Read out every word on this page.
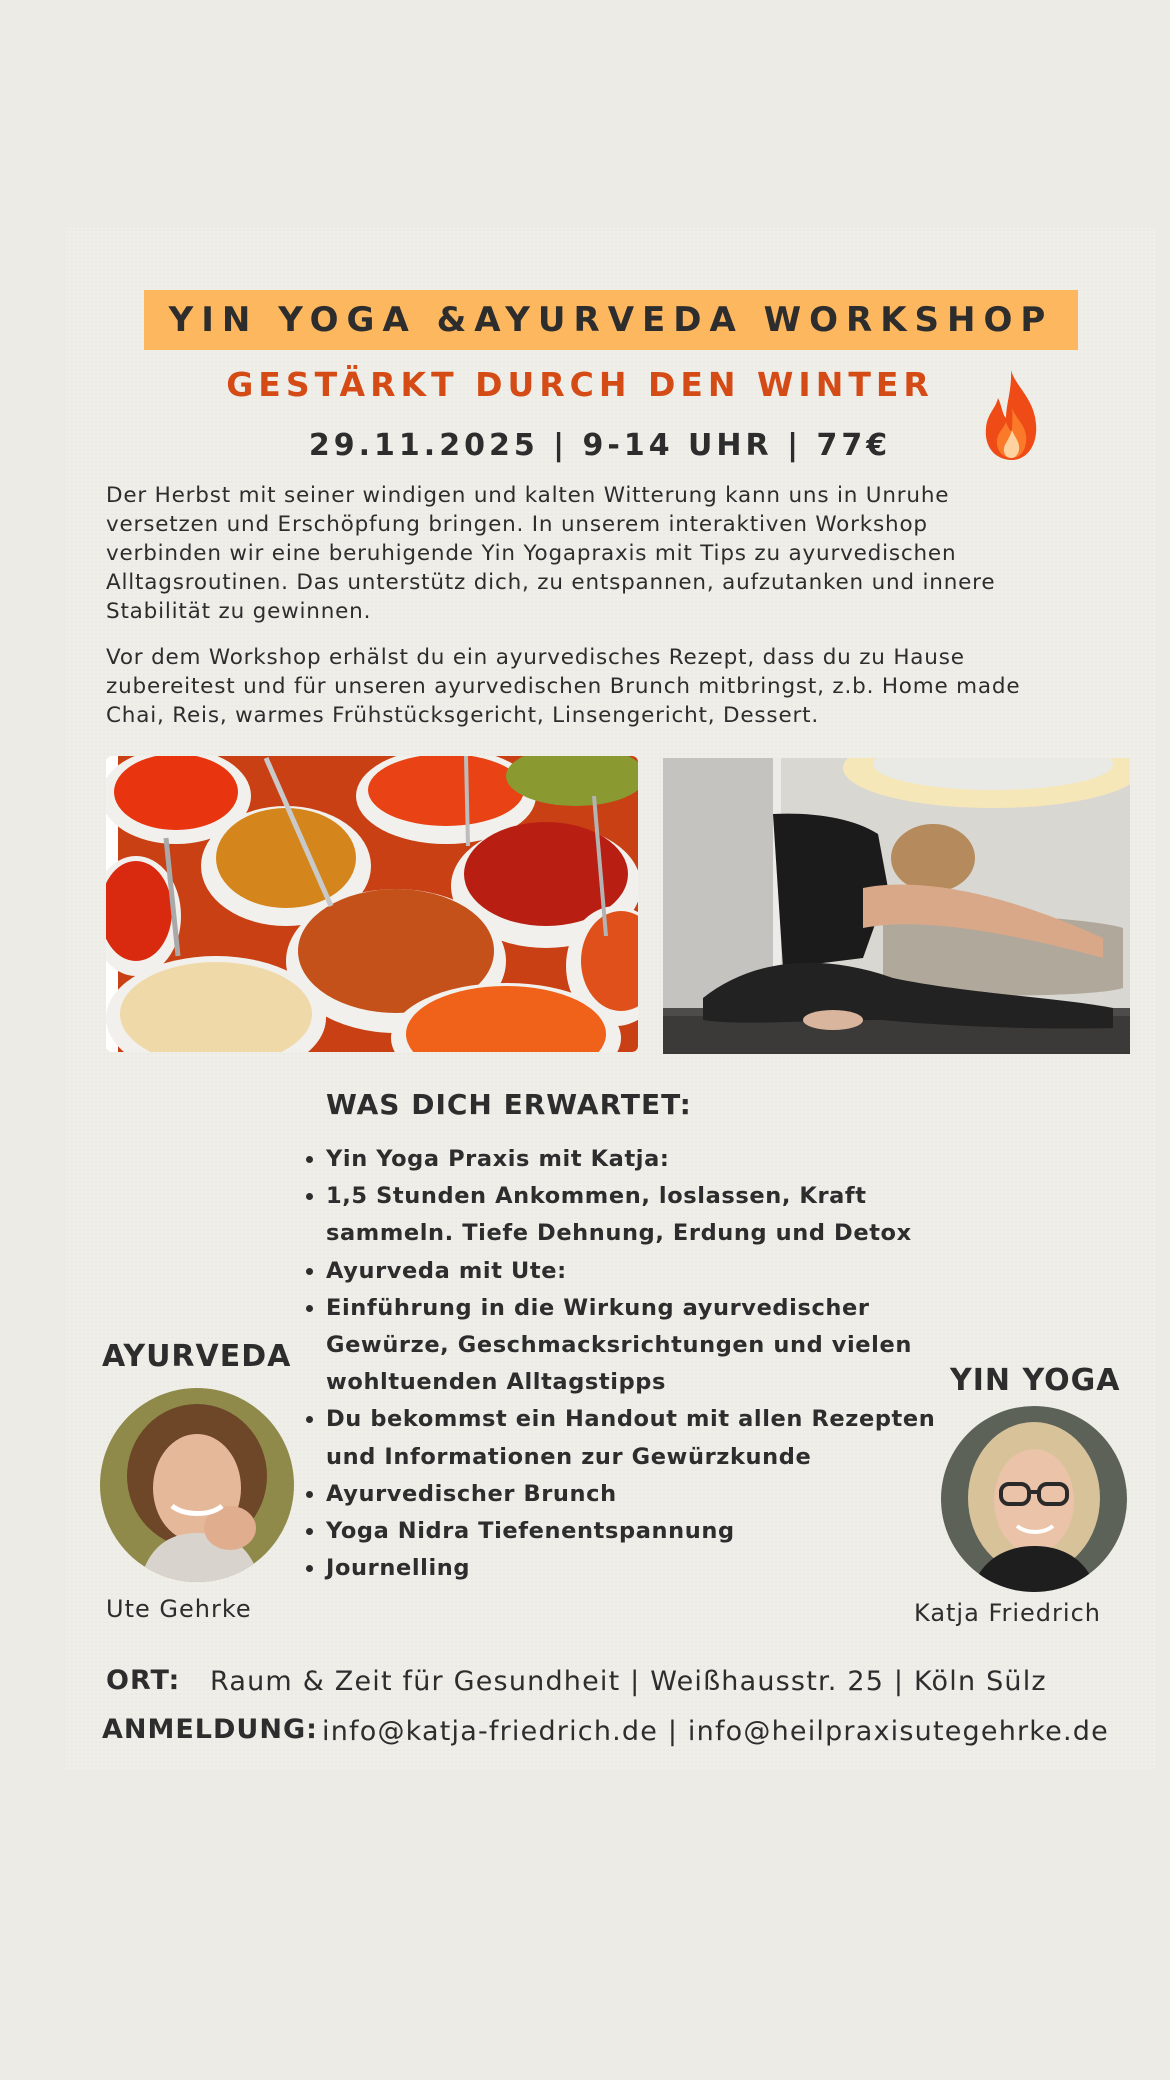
YIN YOGA &AYURVEDA WORKSHOP
GESTÄRKT DURCH DEN WINTER
29.11.2025 | 9-14 UHR | 77€
Der Herbst mit seiner windigen und kalten Witterung kann uns in Unruhe
versetzen und Erschöpfung bringen. In unserem interaktiven Workshop
verbinden wir eine beruhigende Yin Yogapraxis mit Tips zu ayurvedischen
Alltagsroutinen. Das unterstütz dich, zu entspannen, aufzutanken und innere
Stabilität zu gewinnen.
Vor dem Workshop erhälst du ein ayurvedisches Rezept, dass du zu Hause
zubereitest und für unseren ayurvedischen Brunch mitbringst, z.b. Home made
Chai, Reis, warmes Frühstücksgericht, Linsengericht, Dessert.
WAS DICH ERWARTET:
• Yin Yoga Praxis mit Katja:
• 1,5 Stunden Ankommen, loslassen, Kraft sammeln. Tiefe Dehnung, Erdung und Detox
• Ayurveda mit Ute:
• Einführung in die Wirkung ayurvedischer Gewürze, Geschmacksrichtungen und vielen wohltuenden Alltagstipps
• Du bekommst ein Handout mit allen Rezepten und Informationen zur Gewürzkunde
• Ayurvedischer Brunch
• Yoga Nidra Tiefenentspannung
• Journelling
AYURVEDA
Ute Gehrke
YIN YOGA
Katja Friedrich
ORT: Raum & Zeit für Gesundheit | Weißhausstr. 25 | Köln Sülz
ANMELDUNG: info@katja-friedrich.de | info@heilpraxisutegehrke.de
